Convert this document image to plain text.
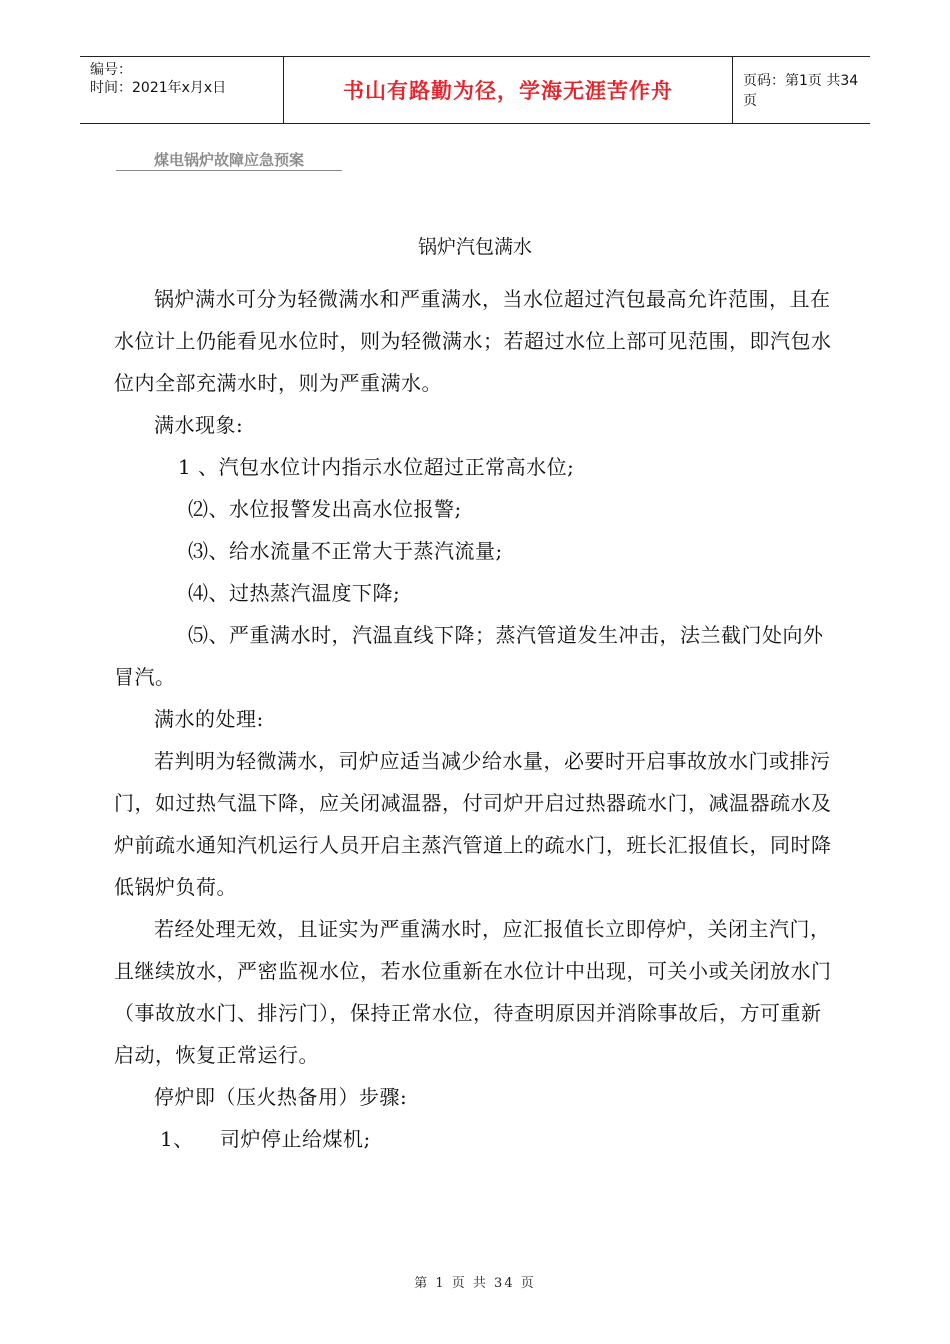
编号：
时间：2021年x月x日	书山有路勤为径，学海无涯苦作舟	页码：第1页 共34页
煤电锅炉故障应急预案
锅炉汽包满水

锅炉满水可分为轻微满水和严重满水，当水位超过汽包最高允许范围，且在水位计上仍能看见水位时，则为轻微满水；若超过水位上部可见范围，即汽包水位内全部充满水时，则为严重满水。

满水现象:

1 、汽包水位计内指示水位超过正常高水位;

⑵、水位报警发出高水位报警;

⑶、给水流量不正常大于蒸汽流量;

⑷、过热蒸汽温度下降;

⑸、严重满水时，汽温直线下降；蒸汽管道发生冲击，法兰截门处向外冒汽。

满水的处理:

若判明为轻微满水，司炉应适当减少给水量，必要时开启事故放水门或排污门，如过热气温下降，应关闭减温器，付司炉开启过热器疏水门，减温器疏水及炉前疏水通知汽机运行人员开启主蒸汽管道上的疏水门，班长汇报值长，同时降低锅炉负荷。

若经处理无效，且证实为严重满水时，应汇报值长立即停炉，关闭主汽门，且继续放水，严密监视水位，若水位重新在水位计中出现，可关小或关闭放水门（事故放水门、排污门），保持正常水位，待查明原因并消除事故后，方可重新启动，恢复正常运行。

停炉即（压火热备用）步骤:

1、 司炉停止给煤机;

第 1 页 共 34 页
